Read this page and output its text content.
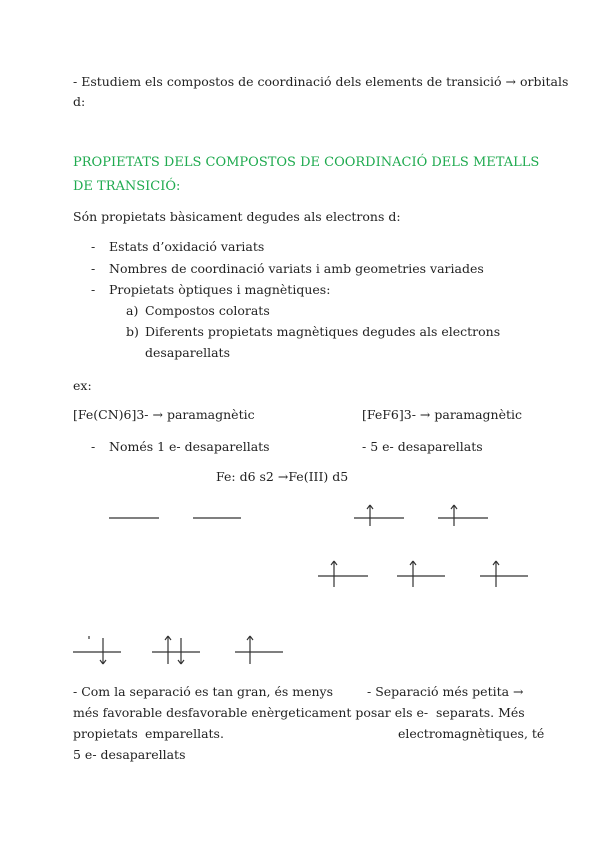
- Estudiem els compostos de coordinació dels elements de transició → orbitals
d:
PROPIETATS DELS COMPOSTOS DE COORDINACIÓ DELS METALLS
DE TRANSICIÓ:
Són propietats bàsicament degudes als electrons d:
- Estats d’oxidació variats
- Nombres de coordinació variats i amb geometries variades
- Propietats òptiques i magnètiques:
a) Compostos colorats
b) Diferents propietats magnètiques degudes als electrons
desaparellats
ex:
[Fe(CN)6]3- → paramagnètic	[FeF6]3- → paramagnètic
- Només 1 e- desaparellats	- 5 e- desaparellats
Fe: d6 s2 →Fe(III) d5
- Com la separació es tan gran, és menys	- Separació més petita →
més favorable desfavorable enèrgeticament posar els e- separats. Més
propietats emparellats.	electromagnètiques, té
5 e- desaparellats
